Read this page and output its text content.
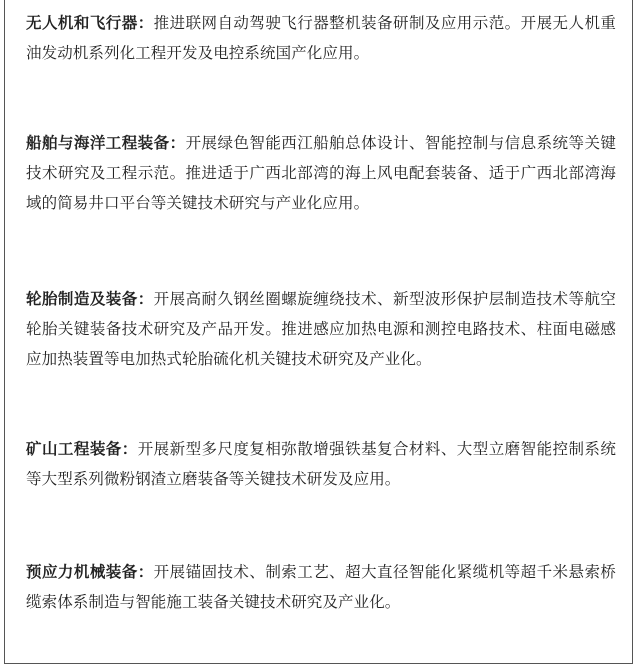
无人机和飞行器：推进联网自动驾驶飞行器整机装备研制及应用示范。开展无人机重油发动机系列化工程开发及电控系统国产化应用。

船舶与海洋工程装备：开展绿色智能西江船舶总体设计、智能控制与信息系统等关键技术研究及工程示范。推进适于广西北部湾的海上风电配套装备、适于广西北部湾海域的简易井口平台等关键技术研究与产业化应用。

轮胎制造及装备：开展高耐久钢丝圈螺旋缠绕技术、新型波形保护层制造技术等航空轮胎关键装备技术研究及产品开发。推进感应加热电源和测控电路技术、柱面电磁感应加热装置等电加热式轮胎硫化机关键技术研究及产业化。

矿山工程装备：开展新型多尺度复相弥散增强铁基复合材料、大型立磨智能控制系统等大型系列微粉钢渣立磨装备等关键技术研发及应用。

预应力机械装备：开展锚固技术、制索工艺、超大直径智能化紧缆机等超千米悬索桥缆索体系制造与智能施工装备关键技术研究及产业化。
